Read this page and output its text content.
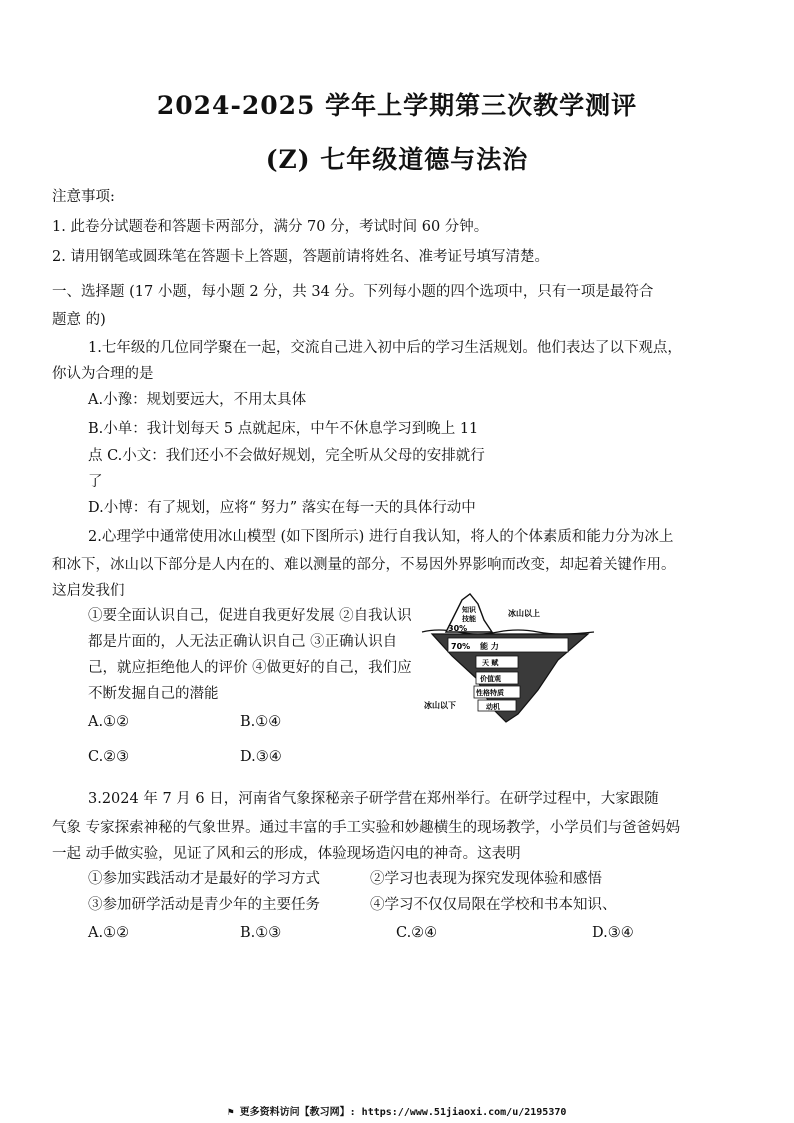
2024-2025 学年上学期第三次教学测评
(Z) 七年级道德与法治
注意事项:
1. 此卷分试题卷和答题卡两部分，满分 70 分，考试时间 60 分钟。
2. 请用钢笔或圆珠笔在答题卡上答题，答题前请将姓名、准考证号填写清楚。
一、选择题 (17 小题，每小题 2 分，共 34 分。下列每小题的四个选项中，只有一项是最符合
题意 的)
1.七年级的几位同学聚在一起，交流自己进入初中后的学习生活规划。他们表达了以下观点，
你认为合理的是
A.小豫：规划要远大，不用太具体
B.小单：我计划每天 5 点就起床，中午不休息学习到晚上 11
点 C.小文：我们还小不会做好规划，完全听从父母的安排就行
了
D.小博：有了规划，应将“ 努力” 落实在每一天的具体行动中
2.心理学中通常使用冰山模型 (如下图所示) 进行自我认知，将人的个体素质和能力分为冰上
和冰下，冰山以下部分是人内在的、难以测量的部分，不易因外界影响而改变，却起着关键作用。
这启发我们
①要全面认识自己，促进自我更好发展 ②自我认识都是片面的，人无法正确认识自己 ③正确认识自己，就应拒绝他人的评价 ④做更好的自己，我们应不断发掘自己的潜能
A.①②	B.①④
C.②③	D.③④
知识
技能
30%
冰山以上
70% 能 力
天 赋
价值观
性格特质
动机
冰山以下
3.2024 年 7 月 6 日，河南省气象探秘亲子研学营在郑州举行。在研学过程中，大家跟随
气象 专家探索神秘的气象世界。通过丰富的手工实验和妙趣横生的现场教学，小学员们与爸爸妈妈
一起 动手做实验，见证了风和云的形成，体验现场造闪电的神奇。这表明
①参加实践活动才是最好的学习方式	②学习也表现为探究发现体验和感悟
③参加研学活动是青少年的主要任务	④学习不仅仅局限在学校和书本知识、
A.①②	B.①③	C.②④	D.③④
⚑ 更多资料访问【教习网】: https://www.51jiaoxi.com/u/2195370
